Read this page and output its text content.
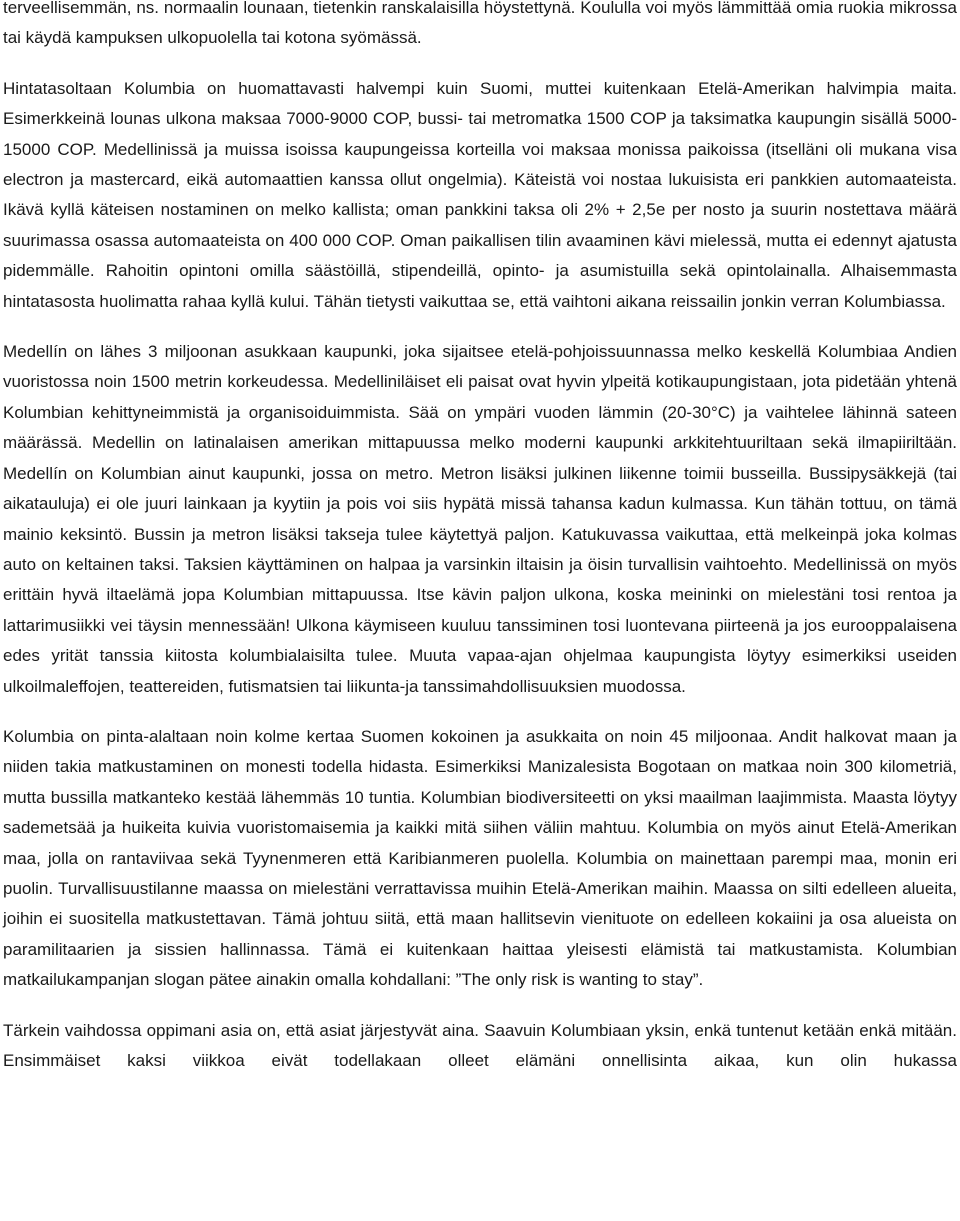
terveellisemmän, ns. normaalin lounaan, tietenkin ranskalaisilla höystettynä. Koululla voi myös lämmittää omia ruokia mikrossa tai käydä kampuksen ulkopuolella tai kotona syömässä.

Hintatasoltaan Kolumbia on huomattavasti halvempi kuin Suomi, muttei kuitenkaan Etelä-Amerikan halvimpia maita. Esimerkkeinä lounas ulkona maksaa 7000-9000 COP, bussi- tai metromatka 1500 COP ja taksimatka kaupungin sisällä 5000-15000 COP. Medellinissä ja muissa isoissa kaupungeissa korteilla voi maksaa monissa paikoissa (itselläni oli mukana visa electron ja mastercard, eikä automaattien kanssa ollut ongelmia). Käteistä voi nostaa lukuisista eri pankkien automaateista. Ikävä kyllä käteisen nostaminen on melko kallista; oman pankkini taksa oli 2% + 2,5e per nosto ja suurin nostettava määrä suurimassa osassa automaateista on 400 000 COP. Oman paikallisen tilin avaaminen kävi mielessä, mutta ei edennyt ajatusta pidemmälle. Rahoitin opintoni omilla säästöillä, stipendeillä, opinto- ja asumistuilla sekä opintolainalla. Alhaisemmasta hintatasosta huolimatta rahaa kyllä kului. Tähän tietysti vaikuttaa se, että vaihtoni aikana reissailin jonkin verran Kolumbiassa.

Medellín on lähes 3 miljoonan asukkaan kaupunki, joka sijaitsee etelä-pohjoissuunnassa melko keskellä Kolumbiaa Andien vuoristossa noin 1500 metrin korkeudessa. Medelliniläiset eli paisat ovat hyvin ylpeitä kotikaupungistaan, jota pidetään yhtenä Kolumbian kehittyneimmistä ja organisoiduimmista. Sää on ympäri vuoden lämmin (20-30°C) ja vaihtelee lähinnä sateen määrässä. Medellin on latinalaisen amerikan mittapuussa melko moderni kaupunki arkkitehtuuriltaan sekä ilmapiiriltään. Medellín on Kolumbian ainut kaupunki, jossa on metro. Metron lisäksi julkinen liikenne toimii busseilla. Bussipysäkkejä (tai aikatauluja) ei ole juuri lainkaan ja kyytiin ja pois voi siis hypätä missä tahansa kadun kulmassa. Kun tähän tottuu, on tämä mainio keksintö. Bussin ja metron lisäksi takseja tulee käytettyä paljon. Katukuvassa vaikuttaa, että melkeinpä joka kolmas auto on keltainen taksi. Taksien käyttäminen on halpaa ja varsinkin iltaisin ja öisin turvallisin vaihtoehto. Medellinissä on myös erittäin hyvä iltaelämä jopa Kolumbian mittapuussa. Itse kävin paljon ulkona, koska meininki on mielestäni tosi rentoa ja lattarimusiikki vei täysin mennessään! Ulkona käymiseen kuuluu tanssiminen tosi luontevana piirteenä ja jos eurooppalaisena edes yrität tanssia kiitosta kolumbialaisilta tulee. Muuta vapaa-ajan ohjelmaa kaupungista löytyy esimerkiksi useiden ulkoilmaleffojen, teattereiden, futismatsien tai liikunta-ja tanssimahdollisuuksien muodossa.

Kolumbia on pinta-alaltaan noin kolme kertaa Suomen kokoinen ja asukkaita on noin 45 miljoonaa. Andit halkovat maan ja niiden takia matkustaminen on monesti todella hidasta. Esimerkiksi Manizalesista Bogotaan on matkaa noin 300 kilometriä, mutta bussilla matkanteko kestää lähemmäs 10 tuntia. Kolumbian biodiversiteetti on yksi maailman laajimmista. Maasta löytyy sademetsää ja huikeita kuivia vuoristomaisemia ja kaikki mitä siihen väliin mahtuu. Kolumbia on myös ainut Etelä-Amerikan maa, jolla on rantaviivaa sekä Tyynenmeren että Karibianmeren puolella. Kolumbia on mainettaan parempi maa, monin eri puolin. Turvallisuustilanne maassa on mielestäni verrattavissa muihin Etelä-Amerikan maihin. Maassa on silti edelleen alueita, joihin ei suositella matkustettavan. Tämä johtuu siitä, että maan hallitsevin vienituote on edelleen kokaiini ja osa alueista on paramilitaarien ja sissien hallinnassa. Tämä ei kuitenkaan haittaa yleisesti elämistä tai matkustamista. Kolumbian matkailukampanjan slogan pätee ainakin omalla kohdallani: ”The only risk is wanting to stay”.

Tärkein vaihdossa oppimani asia on, että asiat järjestyvät aina. Saavuin Kolumbiaan yksin, enkä tuntenut ketään enkä mitään. Ensimmäiset kaksi viikkoa eivät todellakaan olleet elämäni onnellisinta aikaa, kun olin hukassa
